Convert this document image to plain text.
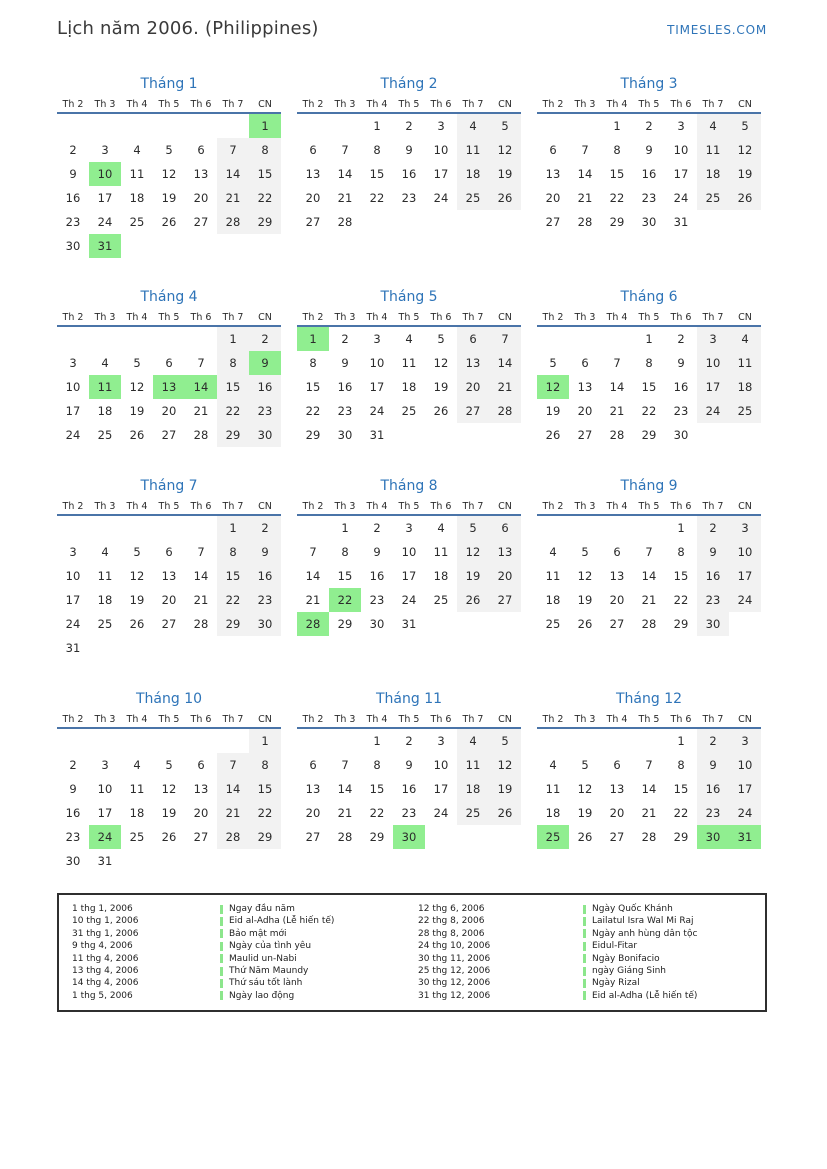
Lịch năm 2006. (Philippines)	TIMESLES.COM
Tháng 1
Th 2	Th 3	Th 4	Th 5	Th 6	Th 7	CN
						1
2	3	4	5	6	7	8
9	10	11	12	13	14	15
16	17	18	19	20	21	22
23	24	25	26	27	28	29
30	31					
Tháng 2
Th 2	Th 3	Th 4	Th 5	Th 6	Th 7	CN
		1	2	3	4	5
6	7	8	9	10	11	12
13	14	15	16	17	18	19
20	21	22	23	24	25	26
27	28					
Tháng 3
Th 2	Th 3	Th 4	Th 5	Th 6	Th 7	CN
		1	2	3	4	5
6	7	8	9	10	11	12
13	14	15	16	17	18	19
20	21	22	23	24	25	26
27	28	29	30	31		
Tháng 4
Th 2	Th 3	Th 4	Th 5	Th 6	Th 7	CN
					1	2
3	4	5	6	7	8	9
10	11	12	13	14	15	16
17	18	19	20	21	22	23
24	25	26	27	28	29	30
Tháng 5
Th 2	Th 3	Th 4	Th 5	Th 6	Th 7	CN
1	2	3	4	5	6	7
8	9	10	11	12	13	14
15	16	17	18	19	20	21
22	23	24	25	26	27	28
29	30	31				
Tháng 6
Th 2	Th 3	Th 4	Th 5	Th 6	Th 7	CN
			1	2	3	4
5	6	7	8	9	10	11
12	13	14	15	16	17	18
19	20	21	22	23	24	25
26	27	28	29	30		
Tháng 7
Th 2	Th 3	Th 4	Th 5	Th 6	Th 7	CN
					1	2
3	4	5	6	7	8	9
10	11	12	13	14	15	16
17	18	19	20	21	22	23
24	25	26	27	28	29	30
31						
Tháng 8
Th 2	Th 3	Th 4	Th 5	Th 6	Th 7	CN
	1	2	3	4	5	6
7	8	9	10	11	12	13
14	15	16	17	18	19	20
21	22	23	24	25	26	27
28	29	30	31			
Tháng 9
Th 2	Th 3	Th 4	Th 5	Th 6	Th 7	CN
				1	2	3
4	5	6	7	8	9	10
11	12	13	14	15	16	17
18	19	20	21	22	23	24
25	26	27	28	29	30	
Tháng 10
Th 2	Th 3	Th 4	Th 5	Th 6	Th 7	CN
						1
2	3	4	5	6	7	8
9	10	11	12	13	14	15
16	17	18	19	20	21	22
23	24	25	26	27	28	29
30	31					
Tháng 11
Th 2	Th 3	Th 4	Th 5	Th 6	Th 7	CN
		1	2	3	4	5
6	7	8	9	10	11	12
13	14	15	16	17	18	19
20	21	22	23	24	25	26
27	28	29	30			
Tháng 12
Th 2	Th 3	Th 4	Th 5	Th 6	Th 7	CN
				1	2	3
4	5	6	7	8	9	10
11	12	13	14	15	16	17
18	19	20	21	22	23	24
25	26	27	28	29	30	31
1 thg 1, 2006	Ngay đầu năm
10 thg 1, 2006	Eid al-Adha (Lễ hiến tế)
31 thg 1, 2006	Bảo mật mới
9 thg 4, 2006	Ngày của tình yêu
11 thg 4, 2006	Maulid un-Nabi
13 thg 4, 2006	Thứ Năm Maundy
14 thg 4, 2006	Thứ sáu tốt lành
1 thg 5, 2006	Ngày lao động
12 thg 6, 2006	Ngày Quốc Khánh
22 thg 8, 2006	Lailatul Isra Wal Mi Raj
28 thg 8, 2006	Ngày anh hùng dân tộc
24 thg 10, 2006	Eidul-Fitar
30 thg 11, 2006	Ngày Bonifacio
25 thg 12, 2006	ngày Giáng Sinh
30 thg 12, 2006	Ngày Rizal
31 thg 12, 2006	Eid al-Adha (Lễ hiến tế)
